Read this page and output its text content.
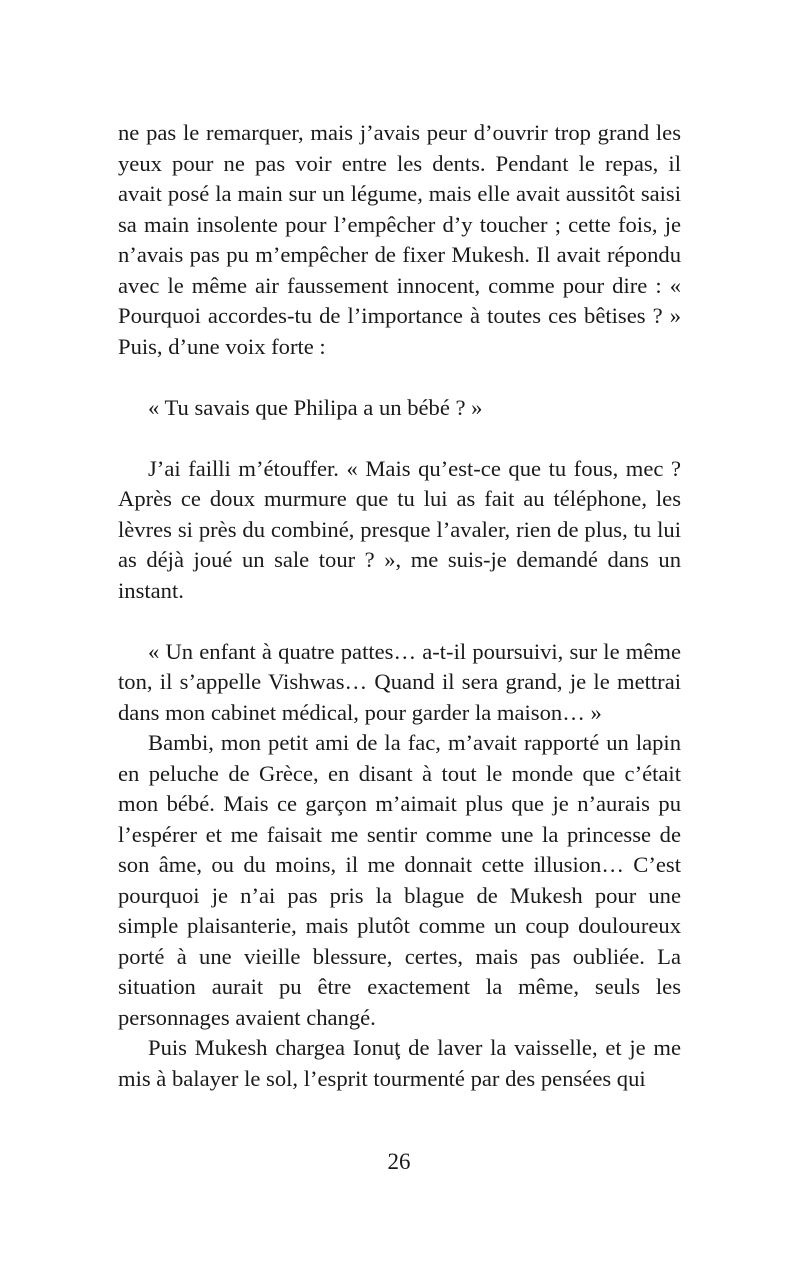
ne pas le remarquer, mais j’avais peur d’ouvrir trop grand les yeux pour ne pas voir entre les dents. Pendant le repas, il avait posé la main sur un légume, mais elle avait aussitôt saisi sa main insolente pour l’empêcher d’y toucher ; cette fois, je n’avais pas pu m’empêcher de fixer Mukesh. Il avait répondu avec le même air faussement innocent, comme pour dire : « Pourquoi accordes-tu de l’importance à toutes ces bêtises ? » Puis, d’une voix forte :

« Tu savais que Philipa a un bébé ? »

J’ai failli m’étouffer. « Mais qu’est-ce que tu fous, mec ? Après ce doux murmure que tu lui as fait au téléphone, les lèvres si près du combiné, presque l’avaler, rien de plus, tu lui as déjà joué un sale tour ? », me suis-je demandé dans un instant.

« Un enfant à quatre pattes… a-t-il poursuivi, sur le même ton, il s’appelle Vishwas… Quand il sera grand, je le mettrai dans mon cabinet médical, pour garder la maison… »

Bambi, mon petit ami de la fac, m’avait rapporté un lapin en peluche de Grèce, en disant à tout le monde que c’était mon bébé. Mais ce garçon m’aimait plus que je n’aurais pu l’espérer et me faisait me sentir comme une la princesse de son âme, ou du moins, il me donnait cette illusion… C’est pourquoi je n’ai pas pris la blague de Mukesh pour une simple plaisanterie, mais plutôt comme un coup douloureux porté à une vieille blessure, certes, mais pas oubliée. La situation aurait pu être exactement la même, seuls les personnages avaient changé.

Puis Mukesh chargea Ionuţ de laver la vaisselle, et je me mis à balayer le sol, l’esprit tourmenté par des pensées qui

26
